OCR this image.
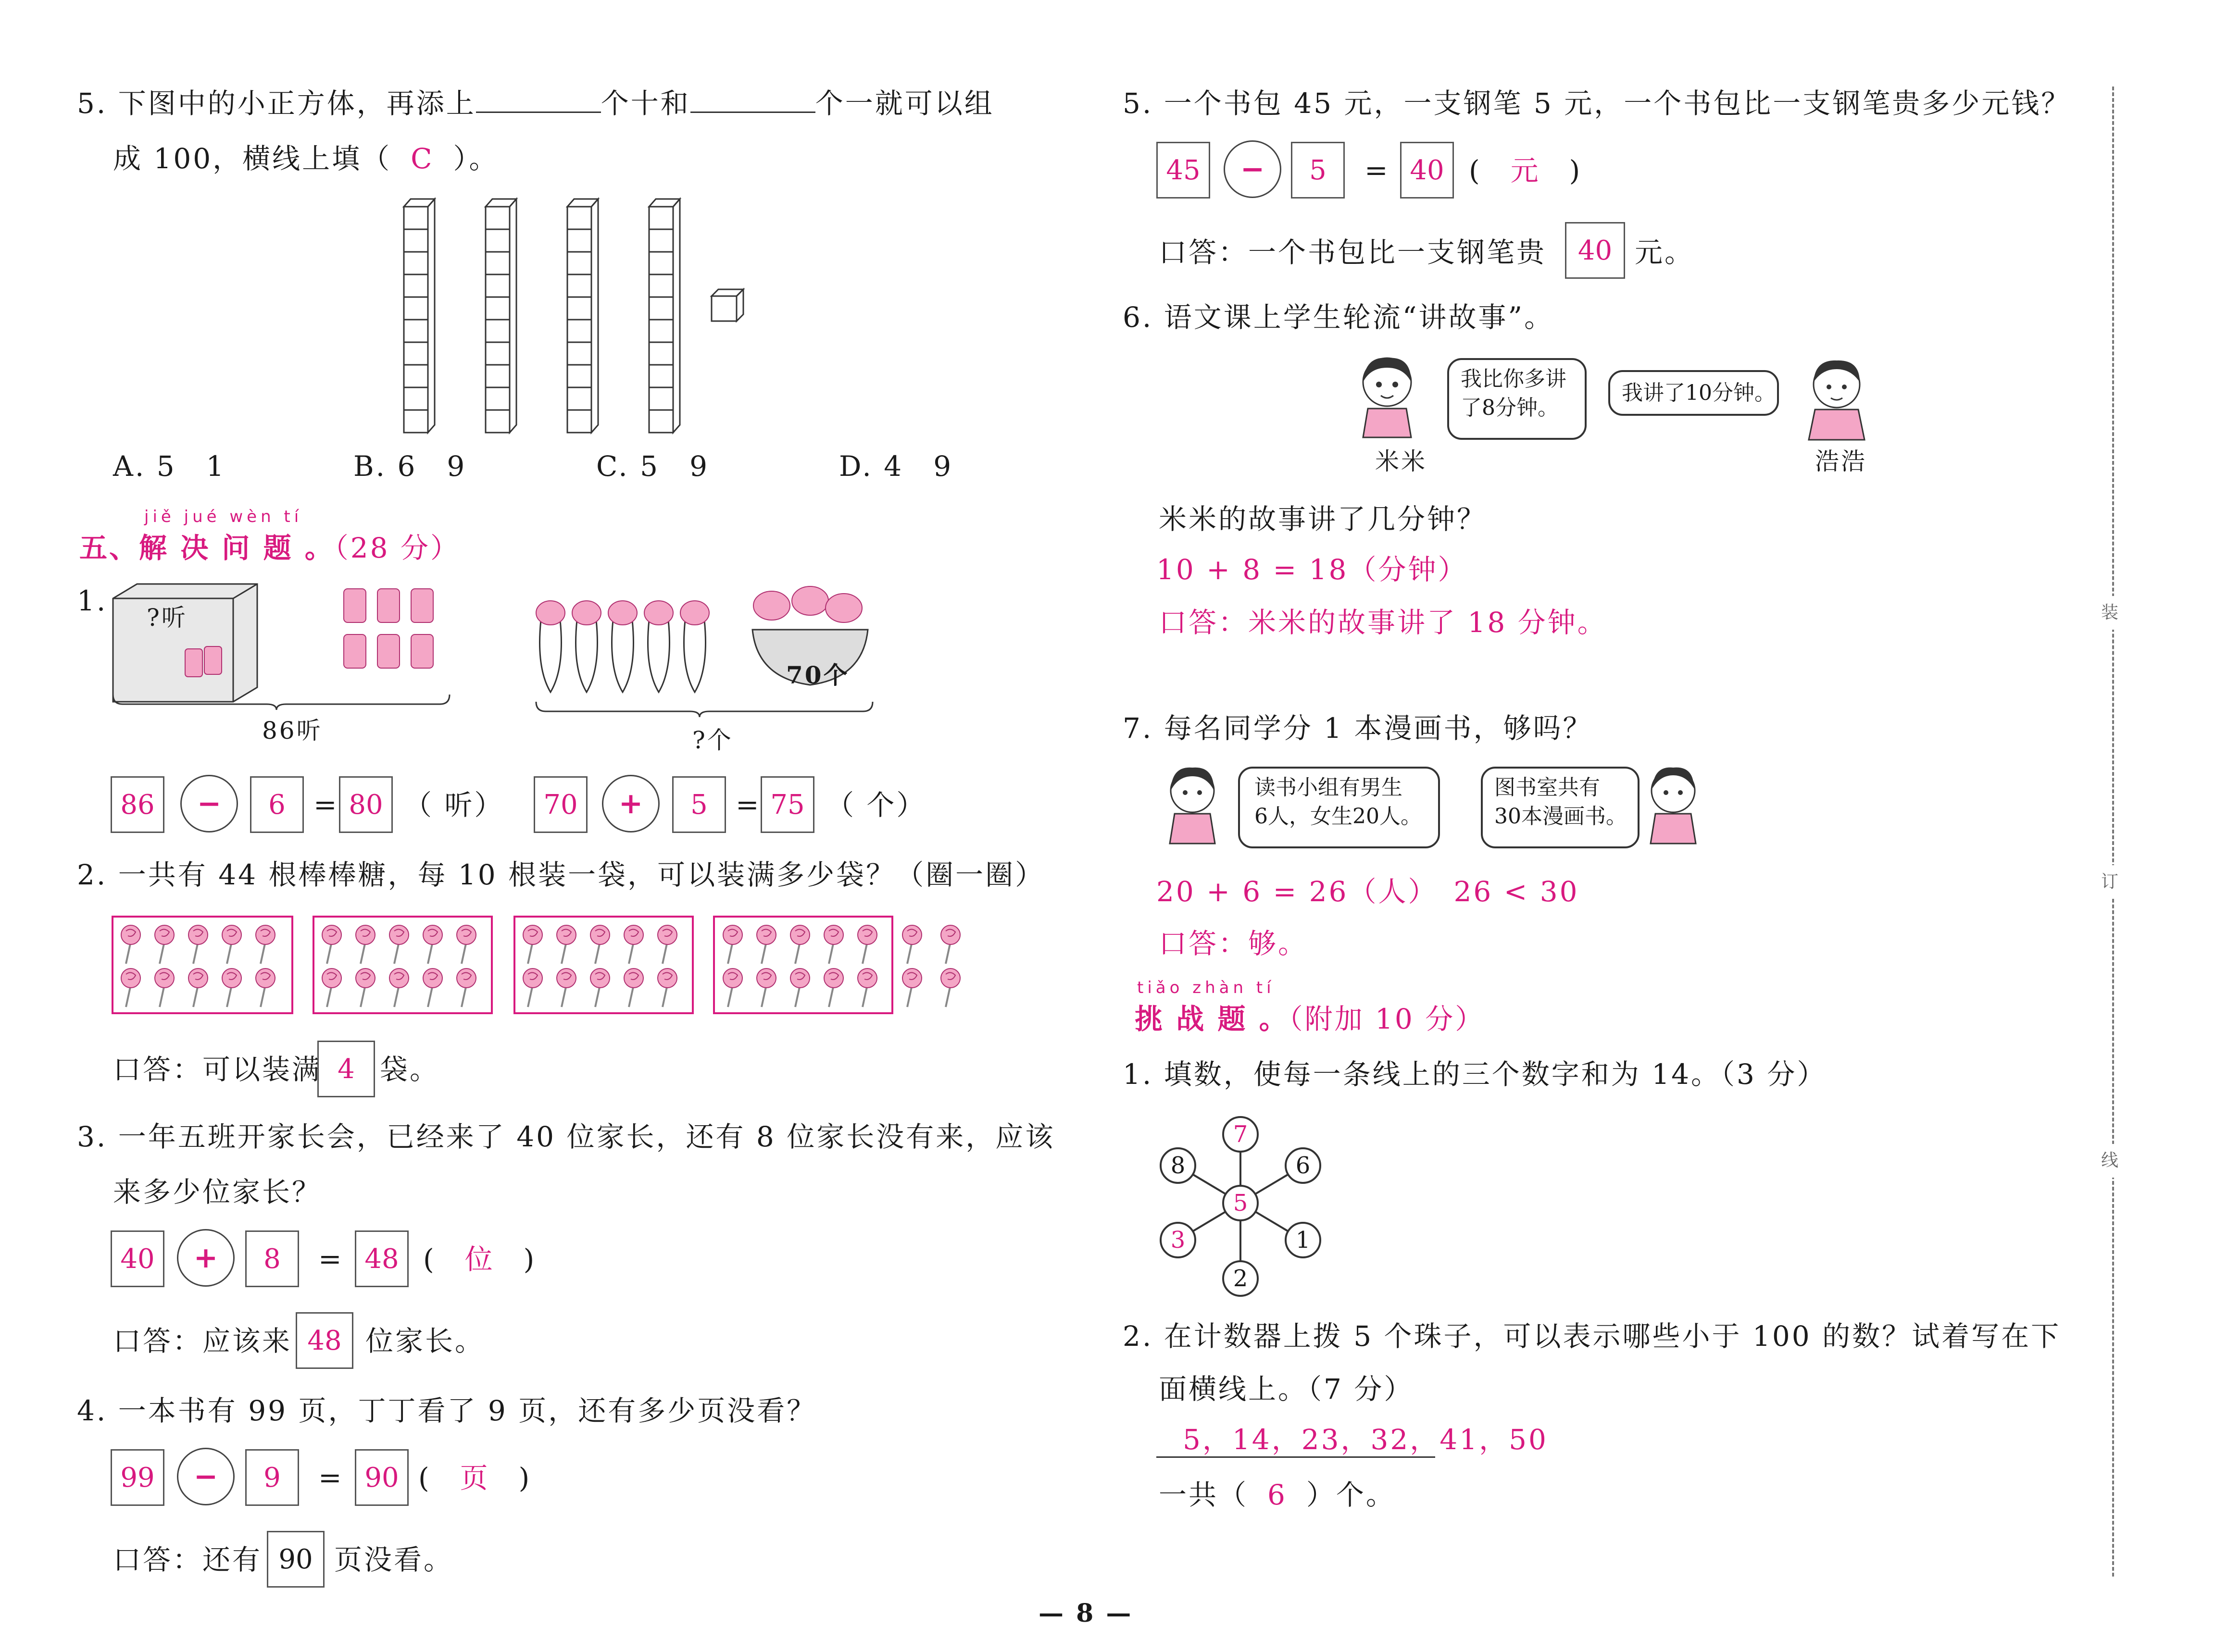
5. 下图中的小正方体，再添上	个十和	个一就可以组
成 100，横线上填（ C ）。
A. 5　1	B. 6　9	C. 5　9	D. 4　9
jiě jué wèn tí
五、解 决 问 题 。（28 分）
1.
?听
86听
70个
?个
86	−	6	= 80 （ 听）	70	+	5	= 75 （ 个）
2. 一共有 44 根棒棒糖，每 10 根装一袋，可以装满多少袋？（圈一圈）
口答：可以装满 4 袋。
3. 一年五班开家长会，已经来了 40 位家长，还有 8 位家长没有来，应该
来多少位家长？
40	+	8	= 48 ( 位 )
口答：应该来 48 位家长。
4. 一本书有 99 页，丁丁看了 9 页，还有多少页没看？
99	−	9	= 90 ( 页 )
口答：还有 90 页没看。
5. 一个书包 45 元，一支钢笔 5 元，一个书包比一支钢笔贵多少元钱？
45	−	5	= 40 ( 元 )
口答：一个书包比一支钢笔贵	40 元。
6. 语文课上学生轮流“讲故事”。
我比你多讲
了8分钟。
我讲了10分钟。
米米	浩浩
米米的故事讲了几分钟？
10 + 8 = 18（分钟）
口答：米米的故事讲了 18 分钟。
7. 每名同学分 1 本漫画书，够吗？
读书小组有男生
6人，女生20人。
图书室共有
30本漫画书。
20 + 6 = 26（人）　26 < 30
口答：够。
tiǎo zhàn tí
挑 战 题 。（附加 10 分）
1. 填数，使每一条线上的三个数字和为 14。（3 分）
7
8	6
5
3	1
2
2. 在计数器上拨 5 个珠子，可以表示哪些小于 100 的数？试着写在下
面横线上。（7 分）
5，14，23，32，41，50
一共（ 6 ）个。
装
订
线
— 8 —
